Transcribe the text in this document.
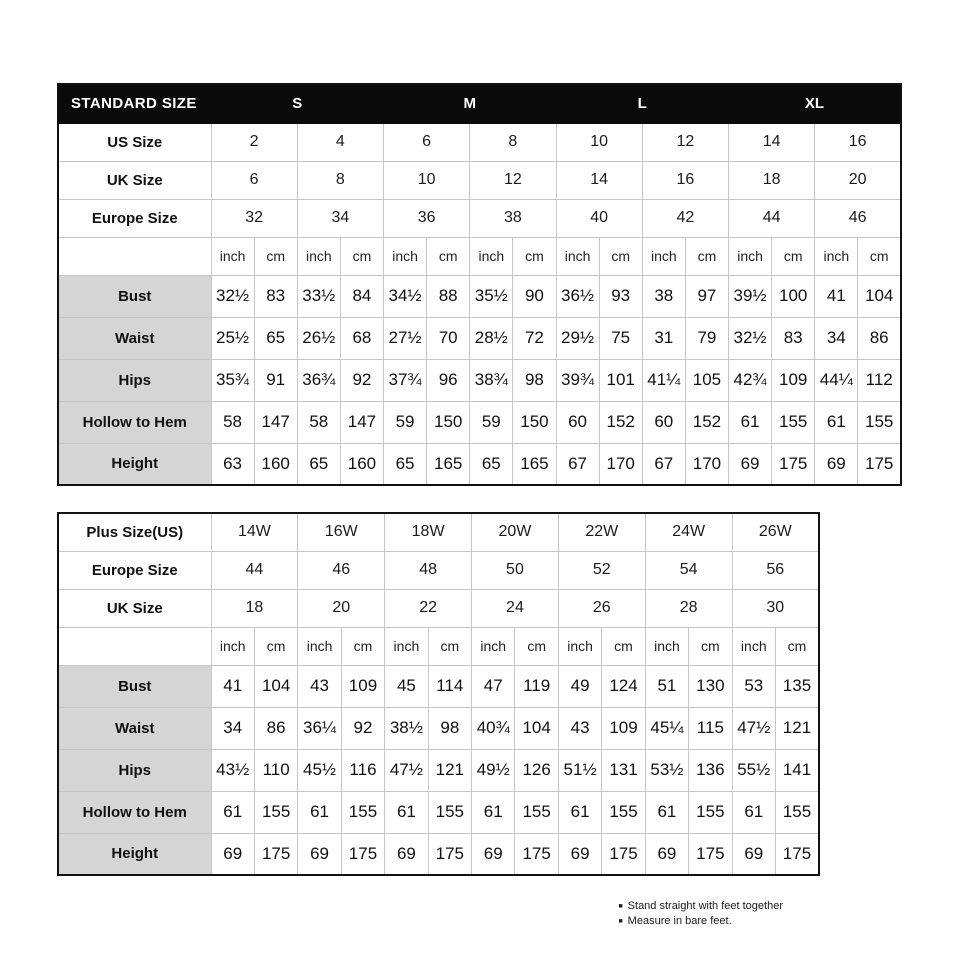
STANDARD SIZE	S				M				L				XL			
US Size	2		4		6		8		10		12		14		16	
UK Size	6		8		10		12		14		16		18		20	
Europe Size	32		34		36		38		40		42		44		46	
	inch	cm	inch	cm	inch	cm	inch	cm	inch	cm	inch	cm	inch	cm	inch	cm
Bust	32½	83	33½	84	34½	88	35½	90	36½	93	38	97	39½	100	41	104
Waist	25½	65	26½	68	27½	70	28½	72	29½	75	31	79	32½	83	34	86
Hips	35¾	91	36¾	92	37¾	96	38¾	98	39¾	101	41¼	105	42¾	109	44¼	112
Hollow to Hem	58	147	58	147	59	150	59	150	60	152	60	152	61	155	61	155
Height	63	160	65	160	65	165	65	165	67	170	67	170	69	175	69	175
Plus Size(US)	14W		16W		18W		20W		22W		24W		26W	
Europe Size	44		46		48		50		52		54		56	
UK Size	18		20		22		24		26		28		30	
	inch	cm	inch	cm	inch	cm	inch	cm	inch	cm	inch	cm	inch	cm
Bust	41	104	43	109	45	114	47	119	49	124	51	130	53	135
Waist	34	86	36¼	92	38½	98	40¾	104	43	109	45¼	115	47½	121
Hips	43½	110	45½	116	47½	121	49½	126	51½	131	53½	136	55½	141
Hollow to Hem	61	155	61	155	61	155	61	155	61	155	61	155	61	155
Height	69	175	69	175	69	175	69	175	69	175	69	175	69	175
■ Stand straight with feet together
■ Measure in bare feet.
